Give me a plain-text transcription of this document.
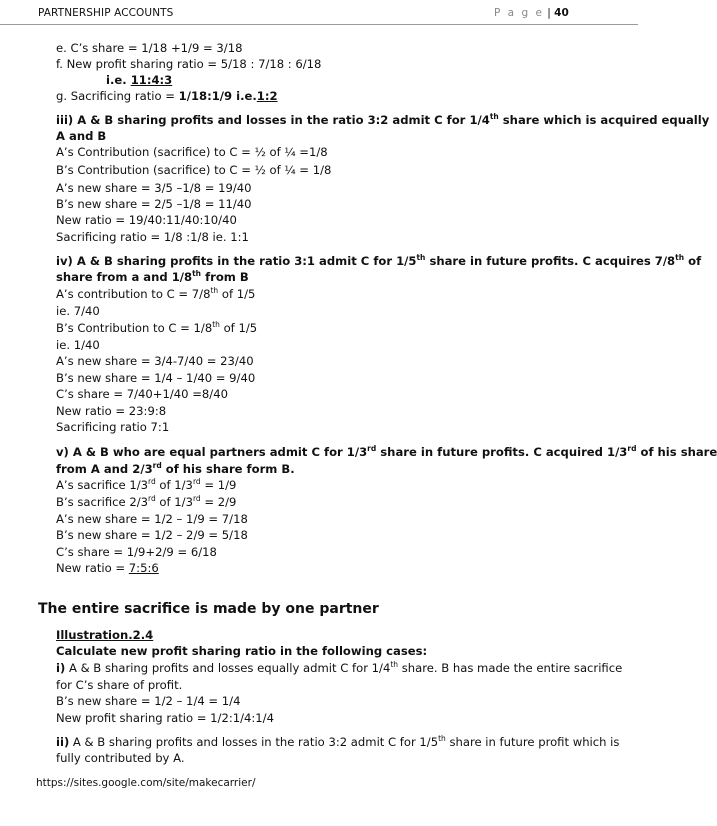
PARTNERSHIP ACCOUNTS	P a g e | 40
e. C’s share = 1/18 +1/9 = 3/18
f. New profit sharing ratio = 5/18 : 7/18 : 6/18
i.e. 11:4:3
g. Sacrificing ratio = 1/18:1/9 i.e.1:2
iii) A & B sharing profits and losses in the ratio 3:2 admit C for 1/4th share which is acquired equally
A and B
A’s Contribution (sacrifice) to C = ½ of ¼ =1/8
B’s Contribution (sacrifice) to C = ½ of ¼ = 1/8
A’s new share = 3/5 –1/8 = 19/40
B’s new share = 2/5 –1/8 = 11/40
New ratio = 19/40:11/40:10/40
Sacrificing ratio = 1/8 :1/8 ie. 1:1
iv) A & B sharing profits in the ratio 3:1 admit C for 1/5th share in future profits. C acquires 7/8th of
share from a and 1/8th from B
A’s contribution to C = 7/8th of 1/5
ie. 7/40
B’s Contribution to C = 1/8th of 1/5
ie. 1/40
A’s new share = 3/4-7/40 = 23/40
B’s new share = 1/4 – 1/40 = 9/40
C’s share = 7/40+1/40 =8/40
New ratio = 23:9:8
Sacrificing ratio 7:1
v) A & B who are equal partners admit C for 1/3rd share in future profits. C acquired 1/3rd of his share
from A and 2/3rd of his share form B.
A’s sacrifice 1/3rd of 1/3rd = 1/9
B’s sacrifice 2/3rd of 1/3rd = 2/9
A’s new share = 1/2 – 1/9 = 7/18
B’s new share = 1/2 – 2/9 = 5/18
C’s share = 1/9+2/9 = 6/18
New ratio = 7:5:6
The entire sacrifice is made by one partner
Illustration.2.4
Calculate new profit sharing ratio in the following cases:
i) A & B sharing profits and losses equally admit C for 1/4th share. B has made the entire sacrifice
for C’s share of profit.
B’s new share = 1/2 – 1/4 = 1/4
New profit sharing ratio = 1/2:1/4:1/4
ii) A & B sharing profits and losses in the ratio 3:2 admit C for 1/5th share in future profit which is
fully contributed by A.
https://sites.google.com/site/makecarrier/
